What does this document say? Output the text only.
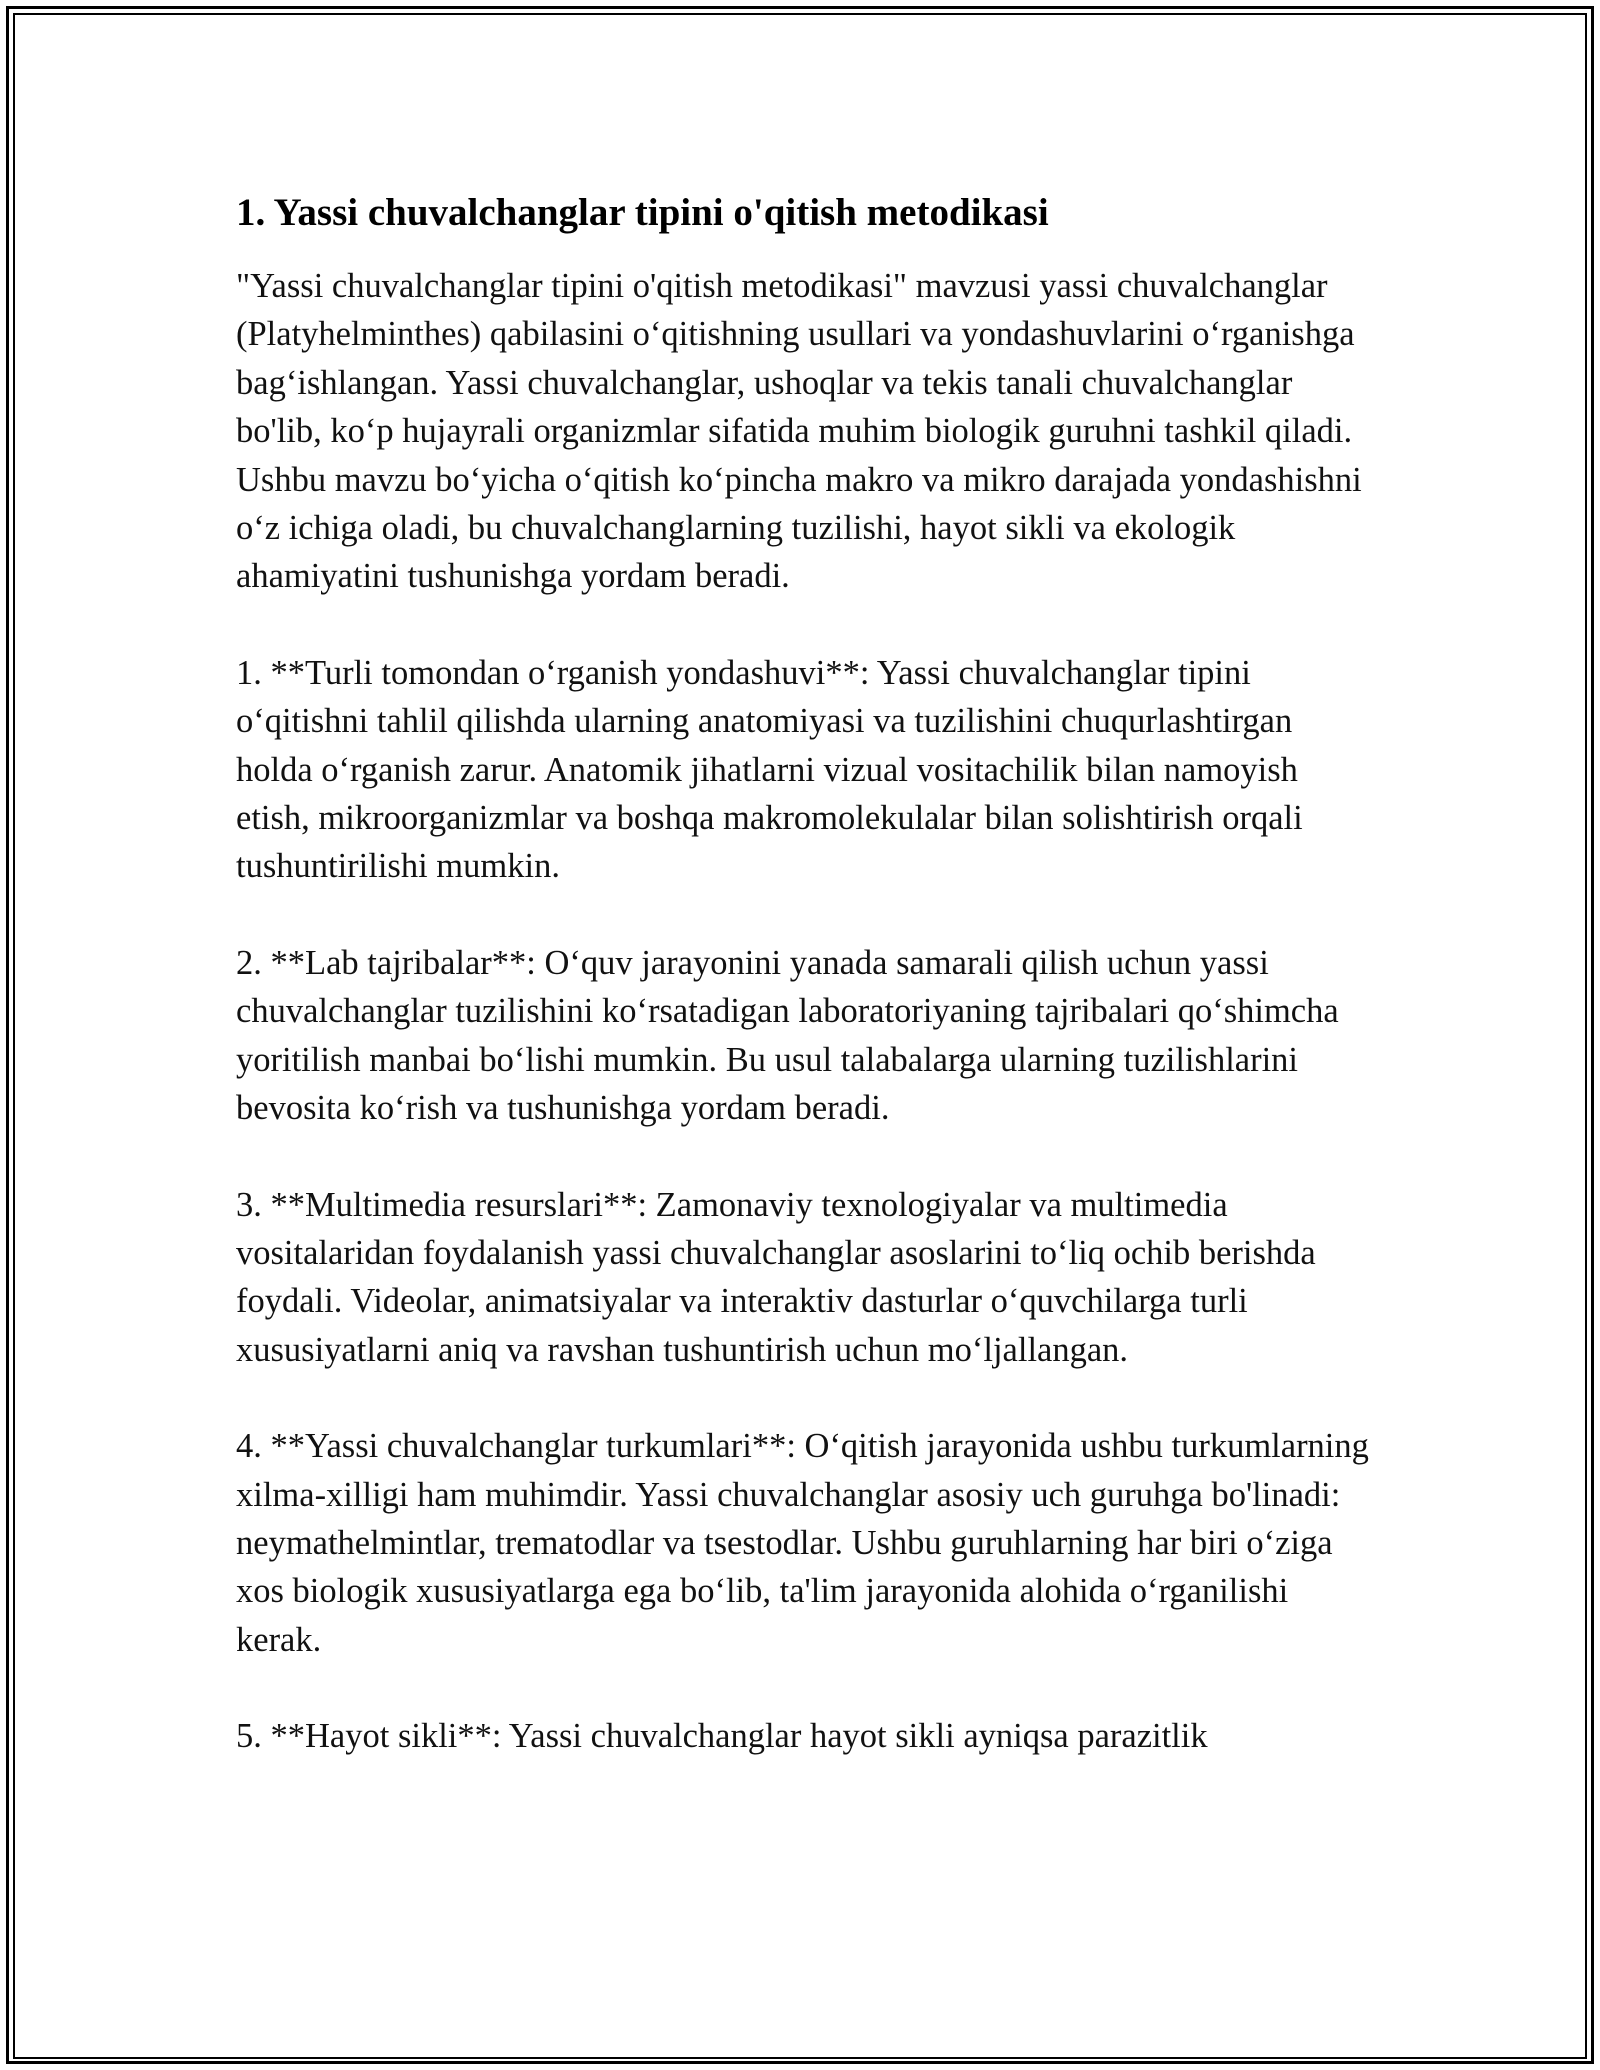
1. Yassi chuvalchanglar tipini o'qitish metodikasi

"Yassi chuvalchanglar tipini o'qitish metodikasi" mavzusi yassi chuvalchanglar (Platyhelminthes) qabilasini o‘qitishning usullari va yondashuvlarini o‘rganishga bag‘ishlangan. Yassi chuvalchanglar, ushoqlar va tekis tanali chuvalchanglar bo'lib, ko‘p hujayrali organizmlar sifatida muhim biologik guruhni tashkil qiladi. Ushbu mavzu bo‘yicha o‘qitish ko‘pincha makro va mikro darajada yondashishni o‘z ichiga oladi, bu chuvalchanglarning tuzilishi, hayot sikli va ekologik ahamiyatini tushunishga yordam beradi.

1. **Turli tomondan o‘rganish yondashuvi**: Yassi chuvalchanglar tipini o‘qitishni tahlil qilishda ularning anatomiyasi va tuzilishini chuqurlashtirgan holda o‘rganish zarur. Anatomik jihatlarni vizual vositachilik bilan namoyish etish, mikroorganizmlar va boshqa makromolekulalar bilan solishtirish orqali tushuntirilishi mumkin.

2. **Lab tajribalar**: O‘quv jarayonini yanada samarali qilish uchun yassi chuvalchanglar tuzilishini ko‘rsatadigan laboratoriyaning tajribalari qo‘shimcha yoritilish manbai bo‘lishi mumkin. Bu usul talabalarga ularning tuzilishlarini bevosita ko‘rish va tushunishga yordam beradi.

3. **Multimedia resurslari**: Zamonaviy texnologiyalar va multimedia vositalaridan foydalanish yassi chuvalchanglar asoslarini to‘liq ochib berishda foydali. Videolar, animatsiyalar va interaktiv dasturlar o‘quvchilarga turli xususiyatlarni aniq va ravshan tushuntirish uchun mo‘ljallangan.

4. **Yassi chuvalchanglar turkumlari**: O‘qitish jarayonida ushbu turkumlarning xilma-xilligi ham muhimdir. Yassi chuvalchanglar asosiy uch guruhga bo'linadi: neymathelmintlar, trematodlar va tsestodlar. Ushbu guruhlarning har biri o‘ziga xos biologik xususiyatlarga ega bo‘lib, ta'lim jarayonida alohida o‘rganilishi kerak.

5. **Hayot sikli**: Yassi chuvalchanglar hayot sikli ayniqsa parazitlik
